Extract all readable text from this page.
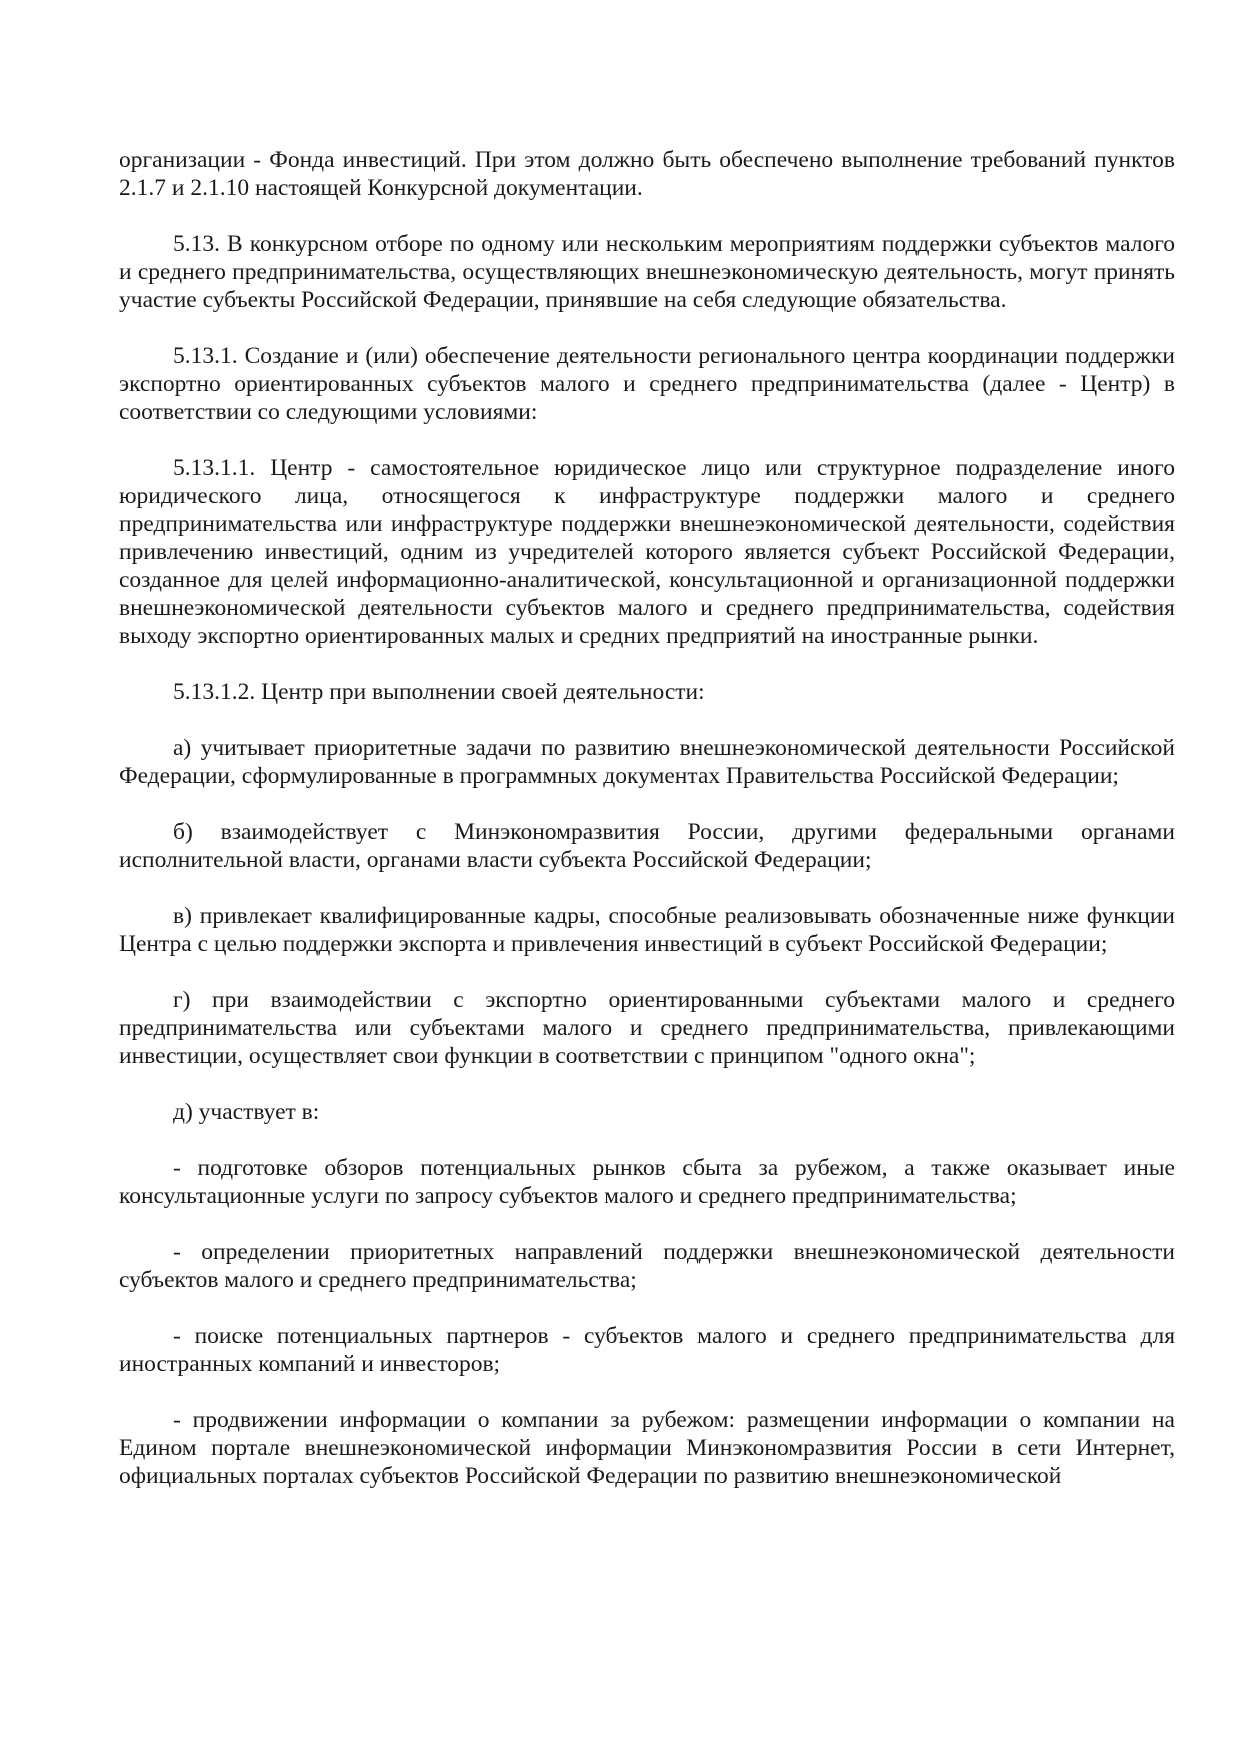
организации - Фонда инвестиций. При этом должно быть обеспечено выполнение требований пунктов 2.1.7 и 2.1.10 настоящей Конкурсной документации.

5.13. В конкурсном отборе по одному или нескольким мероприятиям поддержки субъектов малого и среднего предпринимательства, осуществляющих внешнеэкономическую деятельность, могут принять участие субъекты Российской Федерации, принявшие на себя следующие обязательства.

5.13.1. Создание и (или) обеспечение деятельности регионального центра координации поддержки экспортно ориентированных субъектов малого и среднего предпринимательства (далее - Центр) в соответствии со следующими условиями:

5.13.1.1. Центр - самостоятельное юридическое лицо или структурное подразделение иного юридического лица, относящегося к инфраструктуре поддержки малого и среднего предпринимательства или инфраструктуре поддержки внешнеэкономической деятельности, содействия привлечению инвестиций, одним из учредителей которого является субъект Российской Федерации, созданное для целей информационно-аналитической, консультационной и организационной поддержки внешнеэкономической деятельности субъектов малого и среднего предпринимательства, содействия выходу экспортно ориентированных малых и средних предприятий на иностранные рынки.

5.13.1.2. Центр при выполнении своей деятельности:

а) учитывает приоритетные задачи по развитию внешнеэкономической деятельности Российской Федерации, сформулированные в программных документах Правительства Российской Федерации;

б) взаимодействует с Минэкономразвития России, другими федеральными органами исполнительной власти, органами власти субъекта Российской Федерации;

в) привлекает квалифицированные кадры, способные реализовывать обозначенные ниже функции Центра с целью поддержки экспорта и привлечения инвестиций в субъект Российской Федерации;

г) при взаимодействии с экспортно ориентированными субъектами малого и среднего предпринимательства или субъектами малого и среднего предпринимательства, привлекающими инвестиции, осуществляет свои функции в соответствии с принципом "одного окна";

д) участвует в:

- подготовке обзоров потенциальных рынков сбыта за рубежом, а также оказывает иные консультационные услуги по запросу субъектов малого и среднего предпринимательства;

- определении приоритетных направлений поддержки внешнеэкономической деятельности субъектов малого и среднего предпринимательства;

- поиске потенциальных партнеров - субъектов малого и среднего предпринимательства для иностранных компаний и инвесторов;

- продвижении информации о компании за рубежом: размещении информации о компании на Едином портале внешнеэкономической информации Минэкономразвития России в сети Интернет, официальных порталах субъектов Российской Федерации по развитию внешнеэкономической
